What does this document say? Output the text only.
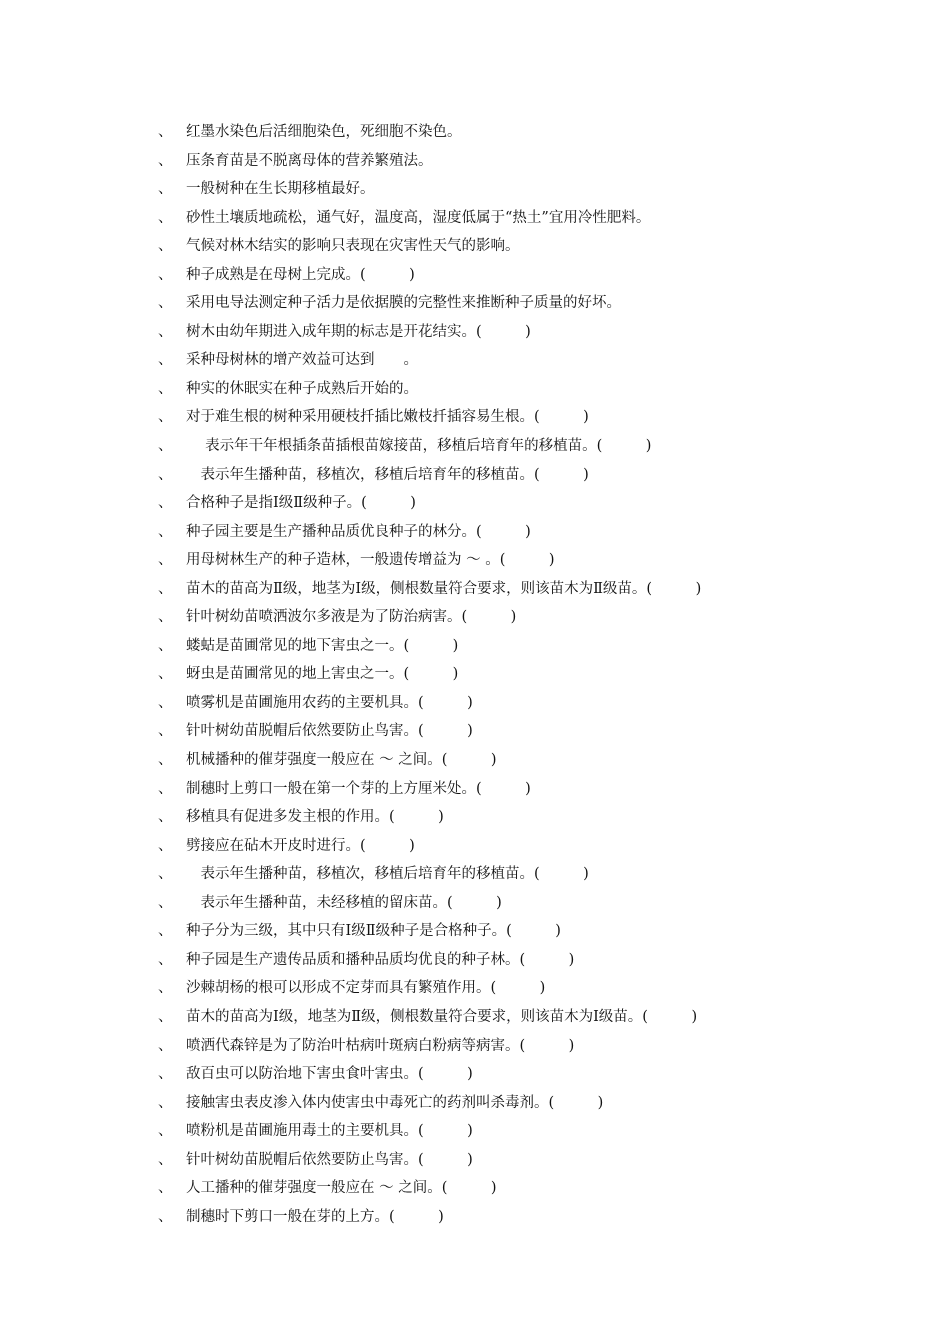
、 红墨水染色后活细胞染色，死细胞不染色。
、 压条育苗是不脱离母体的营养繁殖法。
、 一般树种在生长期移植最好。
、 砂性土壤质地疏松，通气好，温度高，湿度低属于“热土”宜用冷性肥料。
、 气候对林木结实的影响只表现在灾害性天气的影响。
、 种子成熟是在母树上完成。(　　　)
、 采用电导法测定种子活力是依据膜的完整性来推断种子质量的好坏。
、 树木由幼年期进入成年期的标志是开花结实。(　　　)
、 采种母树林的增产效益可达到　　。
、 种实的休眠实在种子成熟后开始的。
、 对于难生根的树种采用硬枝扦插比嫩枝扦插容易生根。(　　　)
、 　 表示年干年根插条苗插根苗嫁接苗，移植后培育年的移植苗。(　　　)
、 　表示年生播种苗，移植次，移植后培育年的移植苗。(　　　)
、 合格种子是指Ⅰ级Ⅱ级种子。(　　　)
、 种子园主要是生产播种品质优良种子的林分。(　　　)
、 用母树林生产的种子造林，一般遗传增益为 ～ 。(　　　)
、 苗木的苗高为Ⅱ级，地茎为Ⅰ级，侧根数量符合要求，则该苗木为Ⅱ级苗。(　　　)
、 针叶树幼苗喷洒波尔多液是为了防治病害。(　　　)
、 蝼蛄是苗圃常见的地下害虫之一。(　　　)
、 蚜虫是苗圃常见的地上害虫之一。(　　　)
、 喷雾机是苗圃施用农药的主要机具。(　　　)
、 针叶树幼苗脱帽后依然要防止鸟害。(　　　)
、 机械播种的催芽强度一般应在 ～ 之间。(　　　)
、 制穗时上剪口一般在第一个芽的上方厘米处。(　　　)
、 移植具有促进多发主根的作用。(　　　)
、 劈接应在砧木开皮时进行。(　　　)
、 　表示年生播种苗，移植次，移植后培育年的移植苗。(　　　)
、 　表示年生播种苗，未经移植的留床苗。(　　　)
、 种子分为三级，其中只有Ⅰ级Ⅱ级种子是合格种子。(　　　)
、 种子园是生产遗传品质和播种品质均优良的种子林。(　　　)
、 沙棘胡杨的根可以形成不定芽而具有繁殖作用。(　　　)
、 苗木的苗高为Ⅰ级，地茎为Ⅱ级，侧根数量符合要求，则该苗木为Ⅰ级苗。(　　　)
、 喷洒代森锌是为了防治叶枯病叶斑病白粉病等病害。(　　　)
、 敌百虫可以防治地下害虫食叶害虫。(　　　)
、 接触害虫表皮渗入体内使害虫中毒死亡的药剂叫杀毒剂。(　　　)
、 喷粉机是苗圃施用毒土的主要机具。(　　　)
、 针叶树幼苗脱帽后依然要防止鸟害。(　　　)
、 人工播种的催芽强度一般应在 ～ 之间。(　　　)
、 制穗时下剪口一般在芽的上方。(　　　)
